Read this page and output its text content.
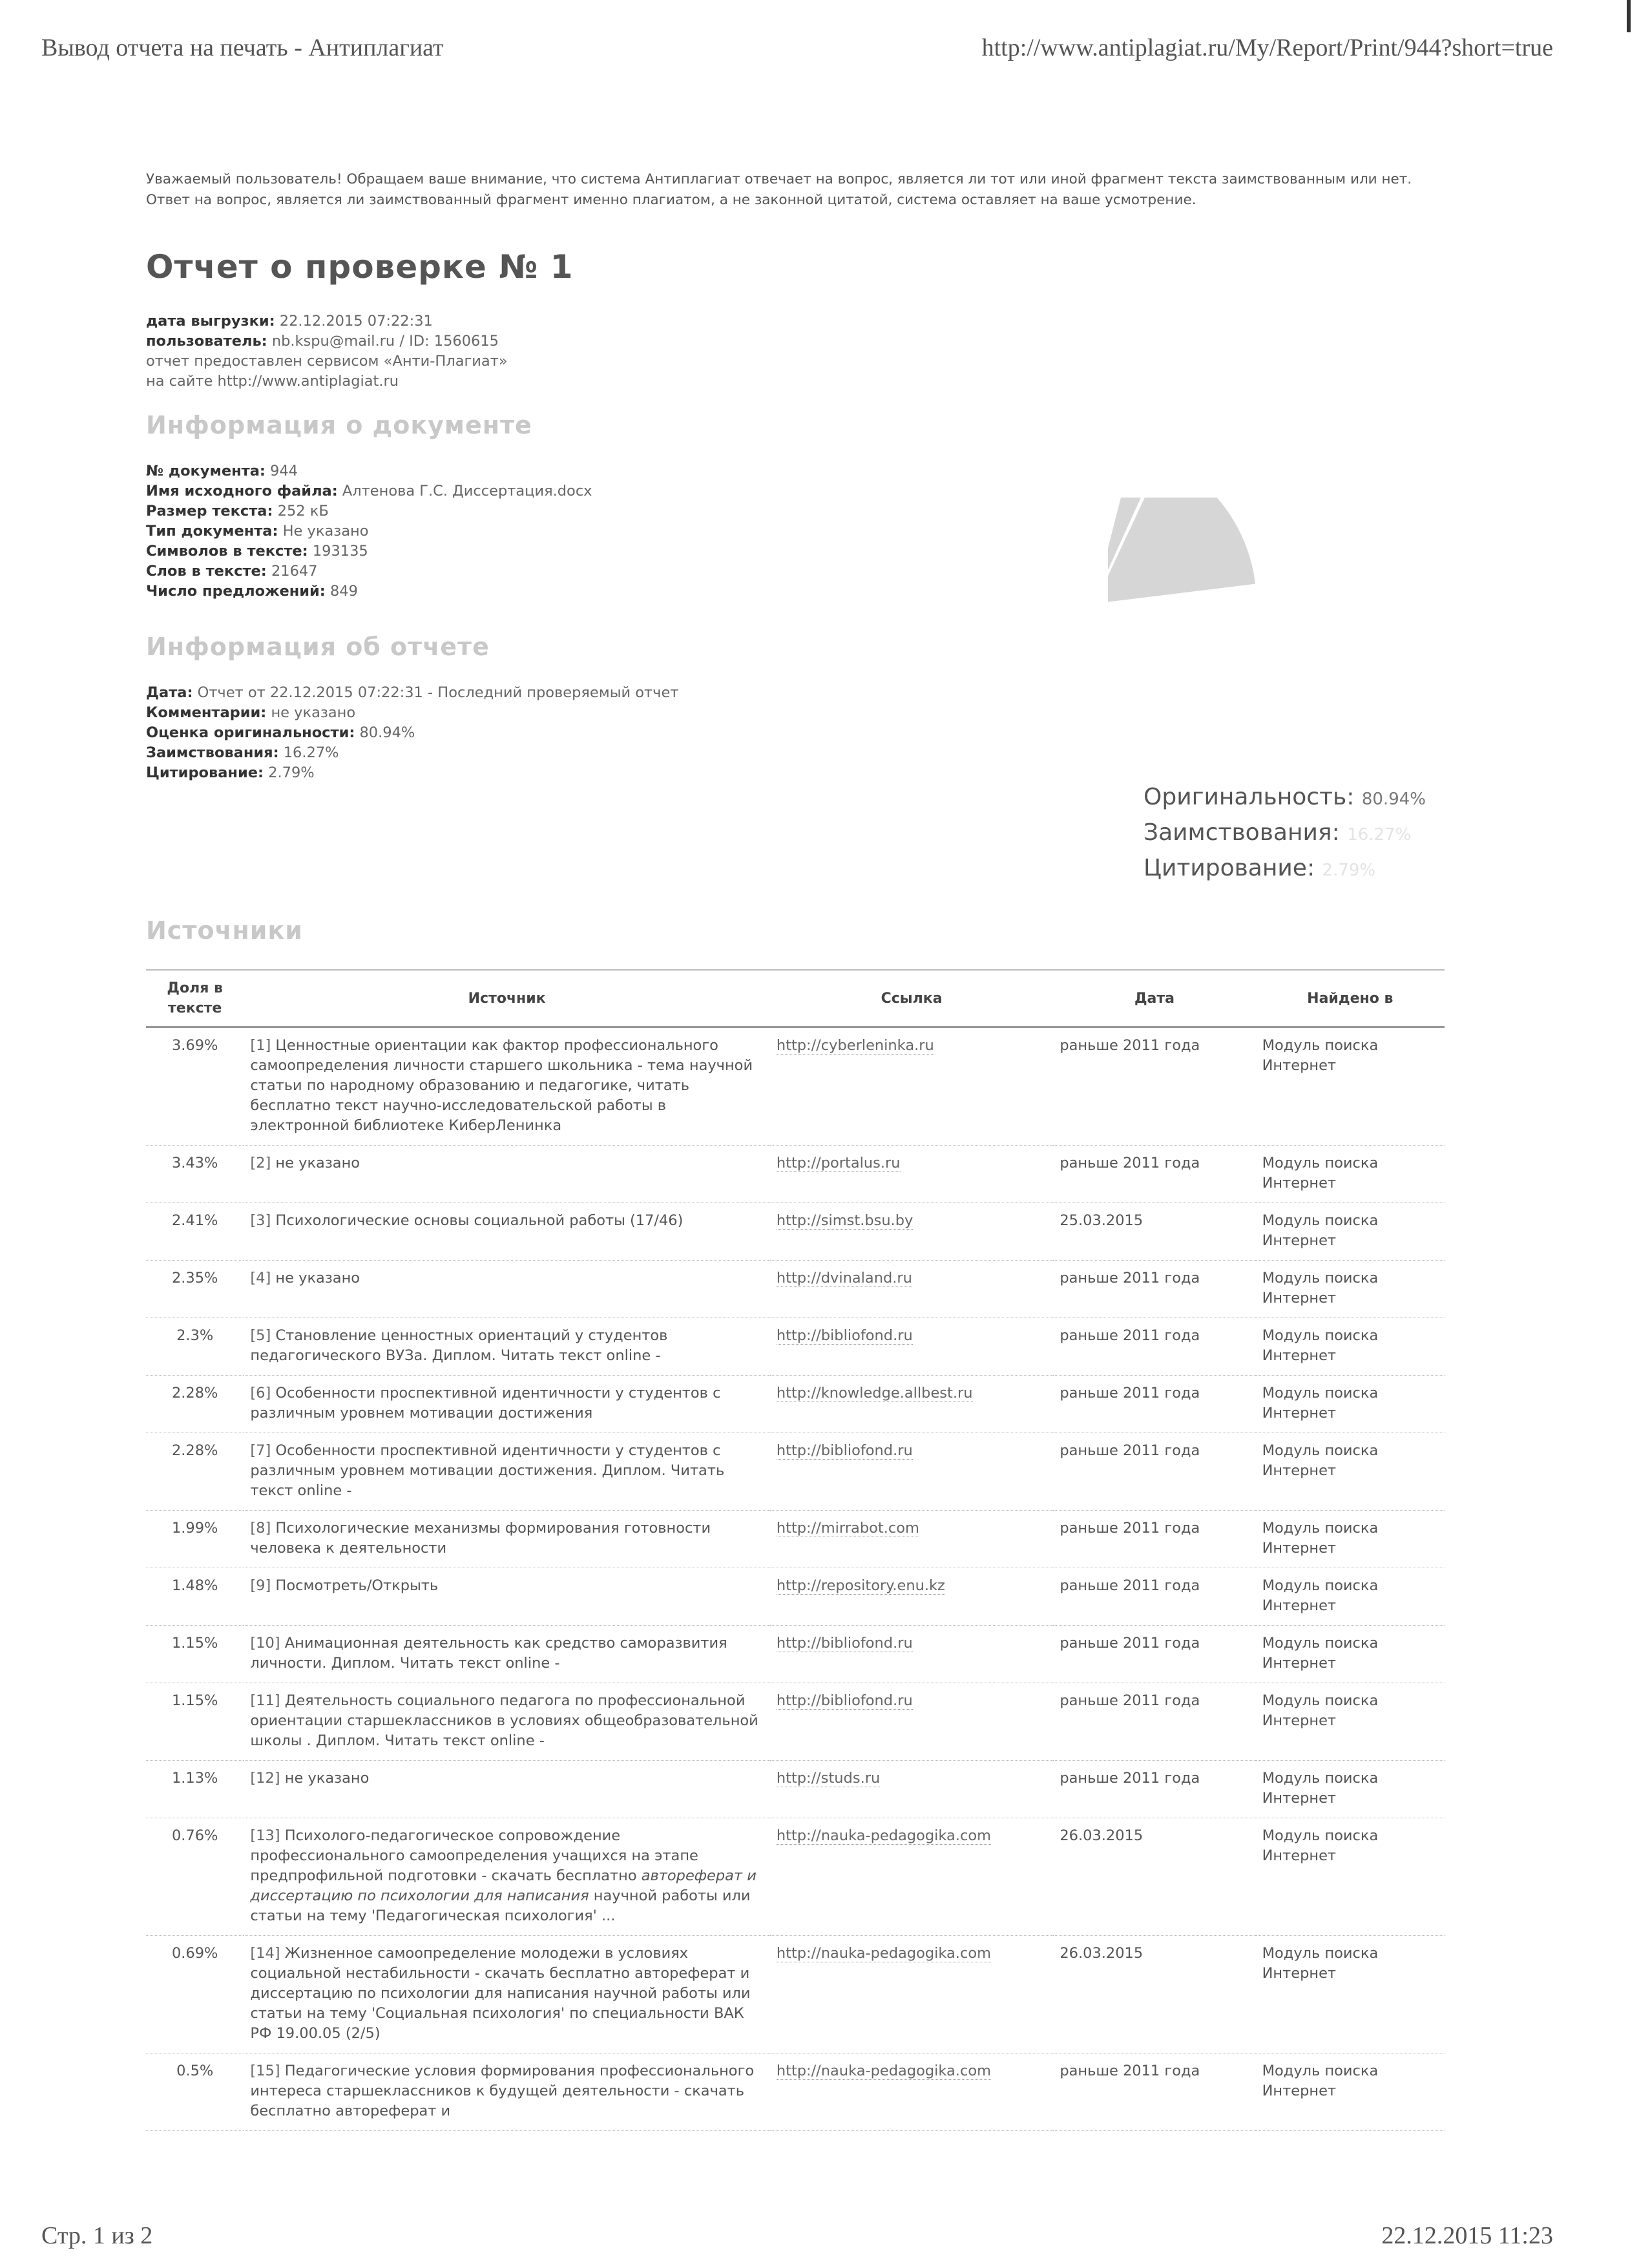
Вывод отчета на печать - Антиплагиат	http://www.antiplagiat.ru/My/Report/Print/944?short=true
Уважаемый пользователь! Обращаем ваше внимание, что система Антиплагиат отвечает на вопрос, является ли тот или иной фрагмент текста заимствованным или нет. Ответ на вопрос, является ли заимствованный фрагмент именно плагиатом, а не законной цитатой, система оставляет на ваше усмотрение.
Отчет о проверке № 1
дата выгрузки: 22.12.2015 07:22:31
пользователь: nb.kspu@mail.ru / ID: 1560615
отчет предоставлен сервисом «Анти-Плагиат»
на сайте http://www.antiplagiat.ru
Информация о документе
№ документа: 944
Имя исходного файла: Алтенова Г.С. Диссертация.docx
Размер текста: 252 кБ
Тип документа: Не указано
Символов в тексте: 193135
Слов в тексте: 21647
Число предложений: 849
Информация об отчете
Дата: Отчет от 22.12.2015 07:22:31 - Последний проверяемый отчет
Комментарии: не указано
Оценка оригинальности: 80.94%
Заимствования: 16.27%
Цитирование: 2.79%
Оригинальность: 80.94%
Заимствования: 16.27%
Цитирование: 2.79%
Источники
Доля в тексте	Источник	Ссылка	Дата	Найдено в
3.69%	[1] Ценностные ориентации как фактор профессионального самоопределения личности старшего школьника - тема научной статьи по народному образованию и педагогике, читать бесплатно текст научно-исследовательской работы в электронной библиотеке КиберЛенинка	http://cyberleninka.ru	раньше 2011 года	Модуль поиска Интернет
3.43%	[2] не указано	http://portalus.ru	раньше 2011 года	Модуль поиска Интернет
2.41%	[3] Психологические основы социальной работы (17/46)	http://simst.bsu.by	25.03.2015	Модуль поиска Интернет
2.35%	[4] не указано	http://dvinaland.ru	раньше 2011 года	Модуль поиска Интернет
2.3%	[5] Становление ценностных ориентаций у студентов педагогического ВУЗа. Диплом. Читать текст online -	http://bibliofond.ru	раньше 2011 года	Модуль поиска Интернет
2.28%	[6] Особенности проспективной идентичности у студентов с различным уровнем мотивации достижения	http://knowledge.allbest.ru	раньше 2011 года	Модуль поиска Интернет
2.28%	[7] Особенности проспективной идентичности у студентов с различным уровнем мотивации достижения. Диплом. Читать текст online -	http://bibliofond.ru	раньше 2011 года	Модуль поиска Интернет
1.99%	[8] Психологические механизмы формирования готовности человека к деятельности	http://mirrabot.com	раньше 2011 года	Модуль поиска Интернет
1.48%	[9] Посмотреть/Открыть	http://repository.enu.kz	раньше 2011 года	Модуль поиска Интернет
1.15%	[10] Анимационная деятельность как средство саморазвития личности. Диплом. Читать текст online -	http://bibliofond.ru	раньше 2011 года	Модуль поиска Интернет
1.15%	[11] Деятельность социального педагога по профессиональной ориентации старшеклассников в условиях общеобразовательной школы . Диплом. Читать текст online -	http://bibliofond.ru	раньше 2011 года	Модуль поиска Интернет
1.13%	[12] не указано	http://studs.ru	раньше 2011 года	Модуль поиска Интернет
0.76%	[13] Психолого-педагогическое сопровождение профессионального самоопределения учащихся на этапе предпрофильной подготовки - скачать бесплатно автореферат и диссертацию по психологии для написания научной работы или статьи на тему 'Педагогическая психология' ...	http://nauka-pedagogika.com	26.03.2015	Модуль поиска Интернет
0.69%	[14] Жизненное самоопределение молодежи в условиях социальной нестабильности - скачать бесплатно автореферат и диссертацию по психологии для написания научной работы или статьи на тему 'Социальная психология' по специальности ВАК РФ 19.00.05 (2/5)	http://nauka-pedagogika.com	26.03.2015	Модуль поиска Интернет
0.5%	[15] Педагогические условия формирования профессионального интереса старшеклассников к будущей деятельности - скачать бесплатно автореферат и	http://nauka-pedagogika.com	раньше 2011 года	Модуль поиска Интернет
Стр. 1 из 2	22.12.2015 11:23
